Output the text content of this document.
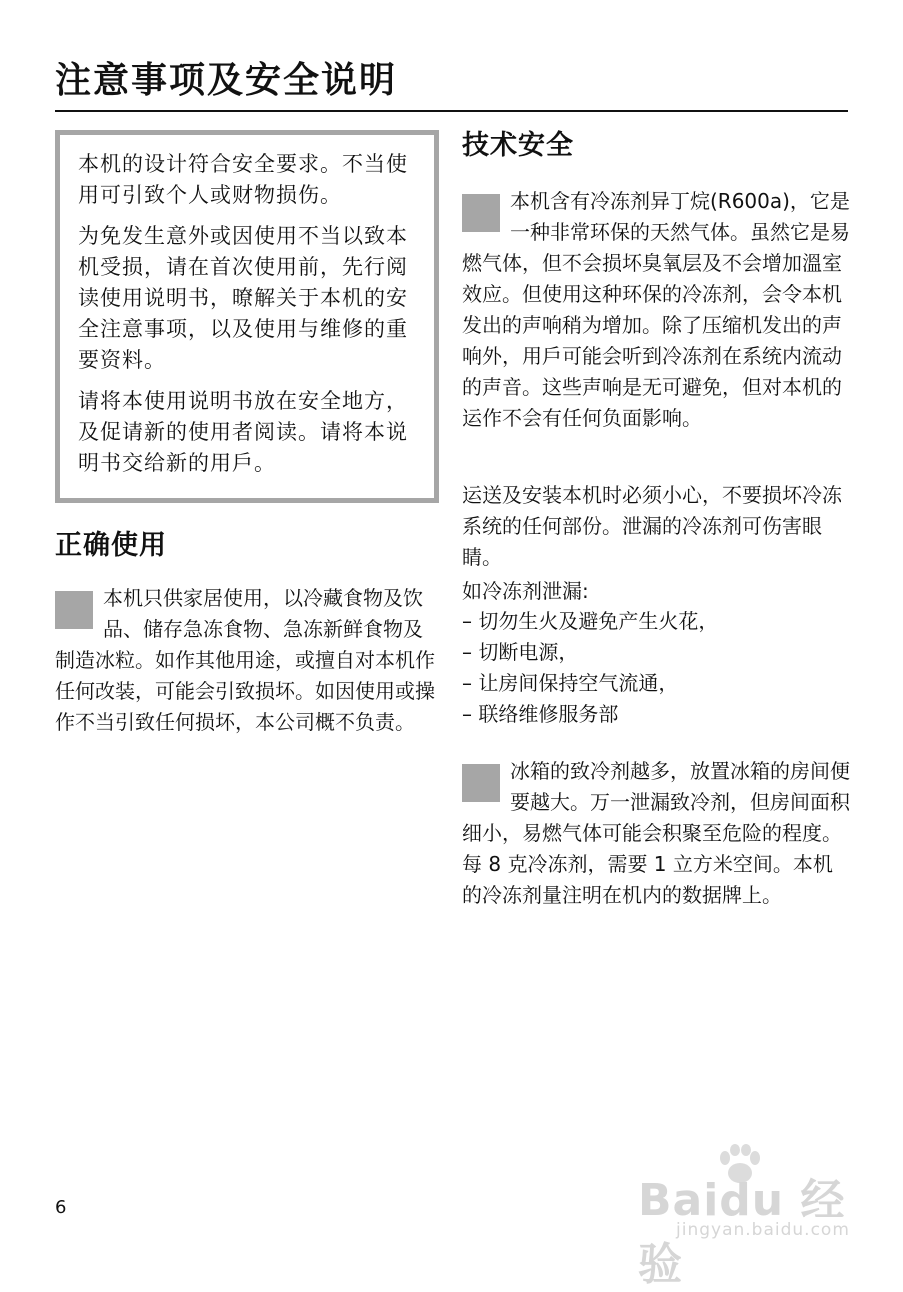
注意事项及安全说明

本机的设计符合安全要求。不当使用可引致个人或财物损伤。

为免发生意外或因使用不当以致本机受损，请在首次使用前，先行阅读使用说明书，暸解关于本机的安全注意事项，以及使用与维修的重要资料。

请将本使用说明书放在安全地方，及促请新的使用者阅读。请将本说明书交给新的用戶。

正确使用
本机只供家居使用，以冷藏食物及饮品、储存急冻食物、急冻新鲜食物及制造冰粒。如作其他用途，或擅自对本机作任何改装，可能会引致损坏。如因使用或操作不当引致任何损坏，本公司概不负责。
技术安全
本机含有冷冻剂异丁烷(R600a)，它是一种非常环保的天然气体。虽然它是易燃气体，但不会损坏臭氧层及不会增加溫室效应。但使用这种环保的冷冻剂，会令本机发出的声响稍为增加。除了压缩机发出的声响外，用戶可能会听到冷冻剂在系统内流动的声音。这些声响是无可避免，但对本机的运作不会有任何负面影响。
运送及安装本机时必须小心，不要损坏冷冻系统的任何部份。泄漏的冷冻剂可伤害眼睛。
如冷冻剂泄漏:
– 切勿生火及避免产生火花，
– 切断电源，
– 让房间保持空气流通，
– 联络维修服务部
冰箱的致冷剂越多，放置冰箱的房间便要越大。万一泄漏致冷剂，但房间面积细小，易燃气体可能会积聚至危险的程度。每 8 克冷冻剂，需要 1 立方米空间。本机的冷冻剂量注明在机内的数据牌上。
6	Baidu 经验
jingyan.baidu.com
